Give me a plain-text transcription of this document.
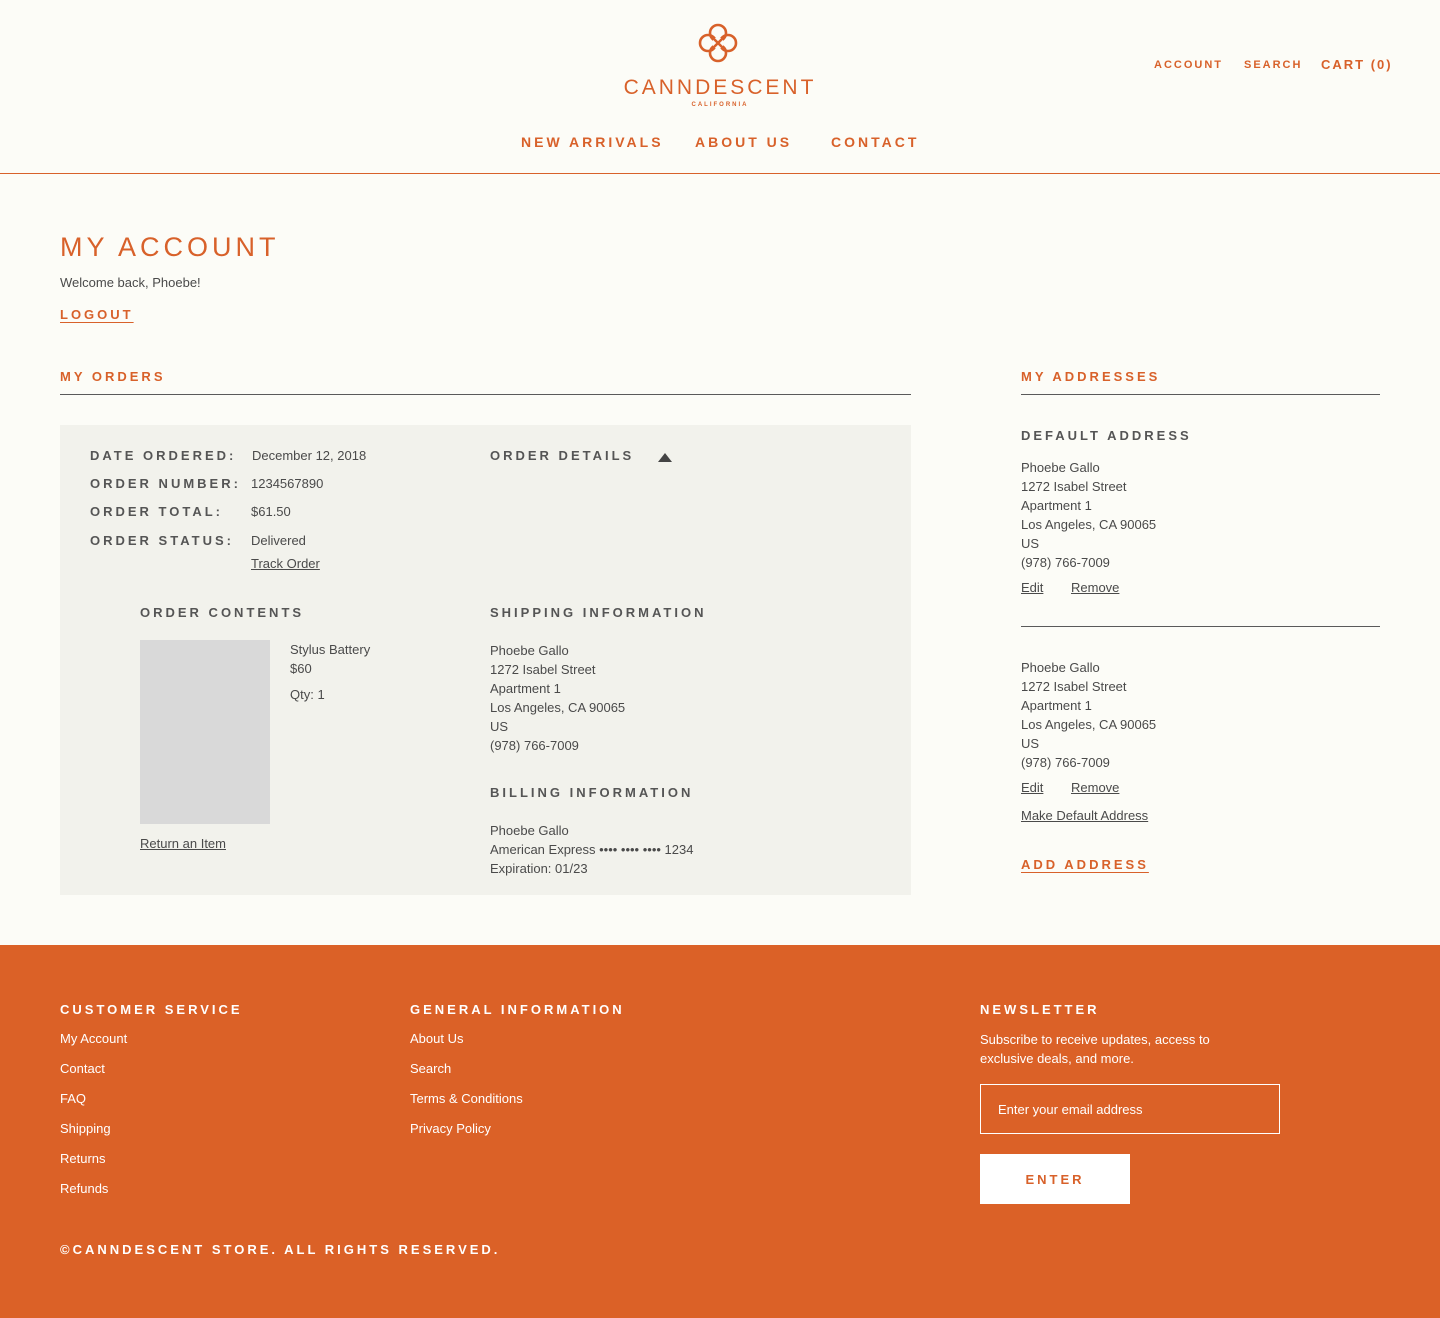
CANNDESCENT
CALIFORNIA
ACCOUNT SEARCH CART (0)
NEW ARRIVALS ABOUT US	CONTACT
MY ACCOUNT
Welcome back, Phoebe!
LOGOUT
MY ORDERS
DATE ORDERED: December 12, 2018
ORDER NUMBER: 1234567890
ORDER TOTAL: $61.50
ORDER STATUS: Delivered
Track Order
ORDER DETAILS
ORDER CONTENTS
Stylus Battery
$60
Qty: 1
Return an Item
SHIPPING INFORMATION
Phoebe Gallo
1272 Isabel Street
Apartment 1
Los Angeles, CA 90065
US
(978) 766-7009
BILLING INFORMATION
Phoebe Gallo
American Express •••• •••• •••• 1234
Expiration: 01/23
MY ADDRESSES
DEFAULT ADDRESS
Phoebe Gallo
1272 Isabel Street
Apartment 1
Los Angeles, CA 90065
US
(978) 766-7009
Edit Remove
Phoebe Gallo
1272 Isabel Street
Apartment 1
Los Angeles, CA 90065
US
(978) 766-7009
Edit Remove
Make Default Address
ADD ADDRESS
CUSTOMER SERVICE
My Account
Contact
FAQ
Shipping
Returns
Refunds
GENERAL INFORMATION
About Us
Search
Terms & Conditions
Privacy Policy
NEWSLETTER
Subscribe to receive updates, access to exclusive deals, and more.
Enter your email address
ENTER
©CANNDESCENT STORE. ALL RIGHTS RESERVED.
